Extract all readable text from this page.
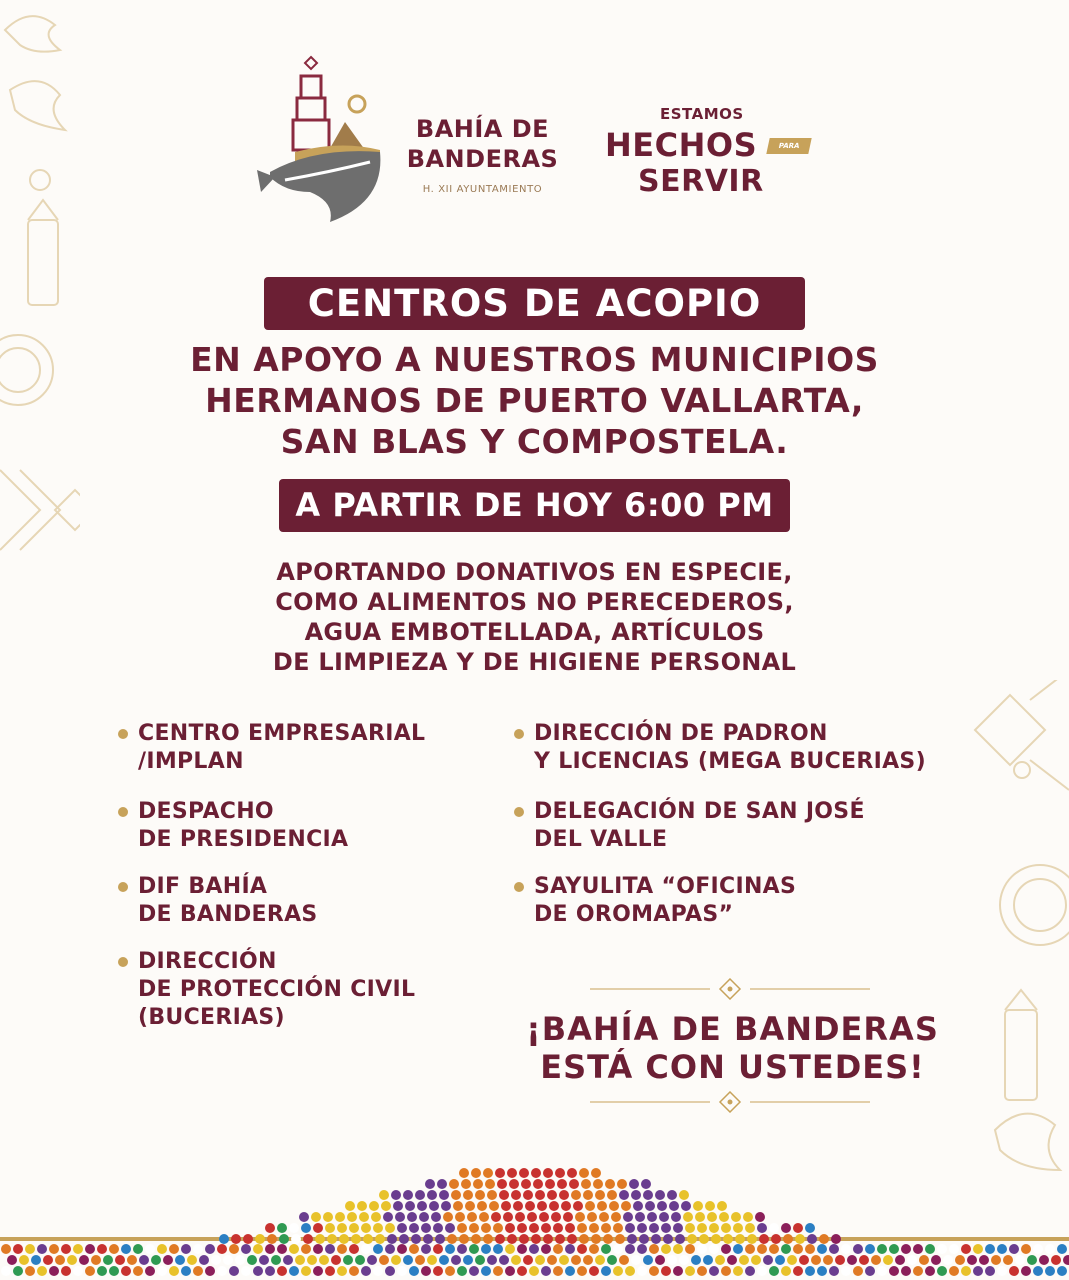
BAHÍA DE
BANDERAS
H. XII AYUNTAMIENTO
ESTAMOS
HECHOS	PARA
SERVIR
CENTROS DE ACOPIO
EN APOYO A NUESTROS MUNICIPIOS
HERMANOS DE PUERTO VALLARTA,
SAN BLAS Y COMPOSTELA.
A PARTIR DE HOY 6:00 PM
APORTANDO DONATIVOS EN ESPECIE,
COMO ALIMENTOS NO PERECEDEROS,
AGUA EMBOTELLADA, ARTÍCULOS
DE LIMPIEZA Y DE HIGIENE PERSONAL
CENTRO EMPRESARIAL
/IMPLAN
DESPACHO
DE PRESIDENCIA
DIF BAHÍA
DE BANDERAS
DIRECCIÓN
DE PROTECCIÓN CIVIL
(BUCERIAS)
DIRECCIÓN DE PADRON
Y LICENCIAS (MEGA BUCERIAS)
DELEGACIÓN DE SAN JOSÉ
DEL VALLE
SAYULITA “OFICINAS
DE OROMAPAS”
¡BAHÍA DE BANDERAS
ESTÁ CON USTEDES!
